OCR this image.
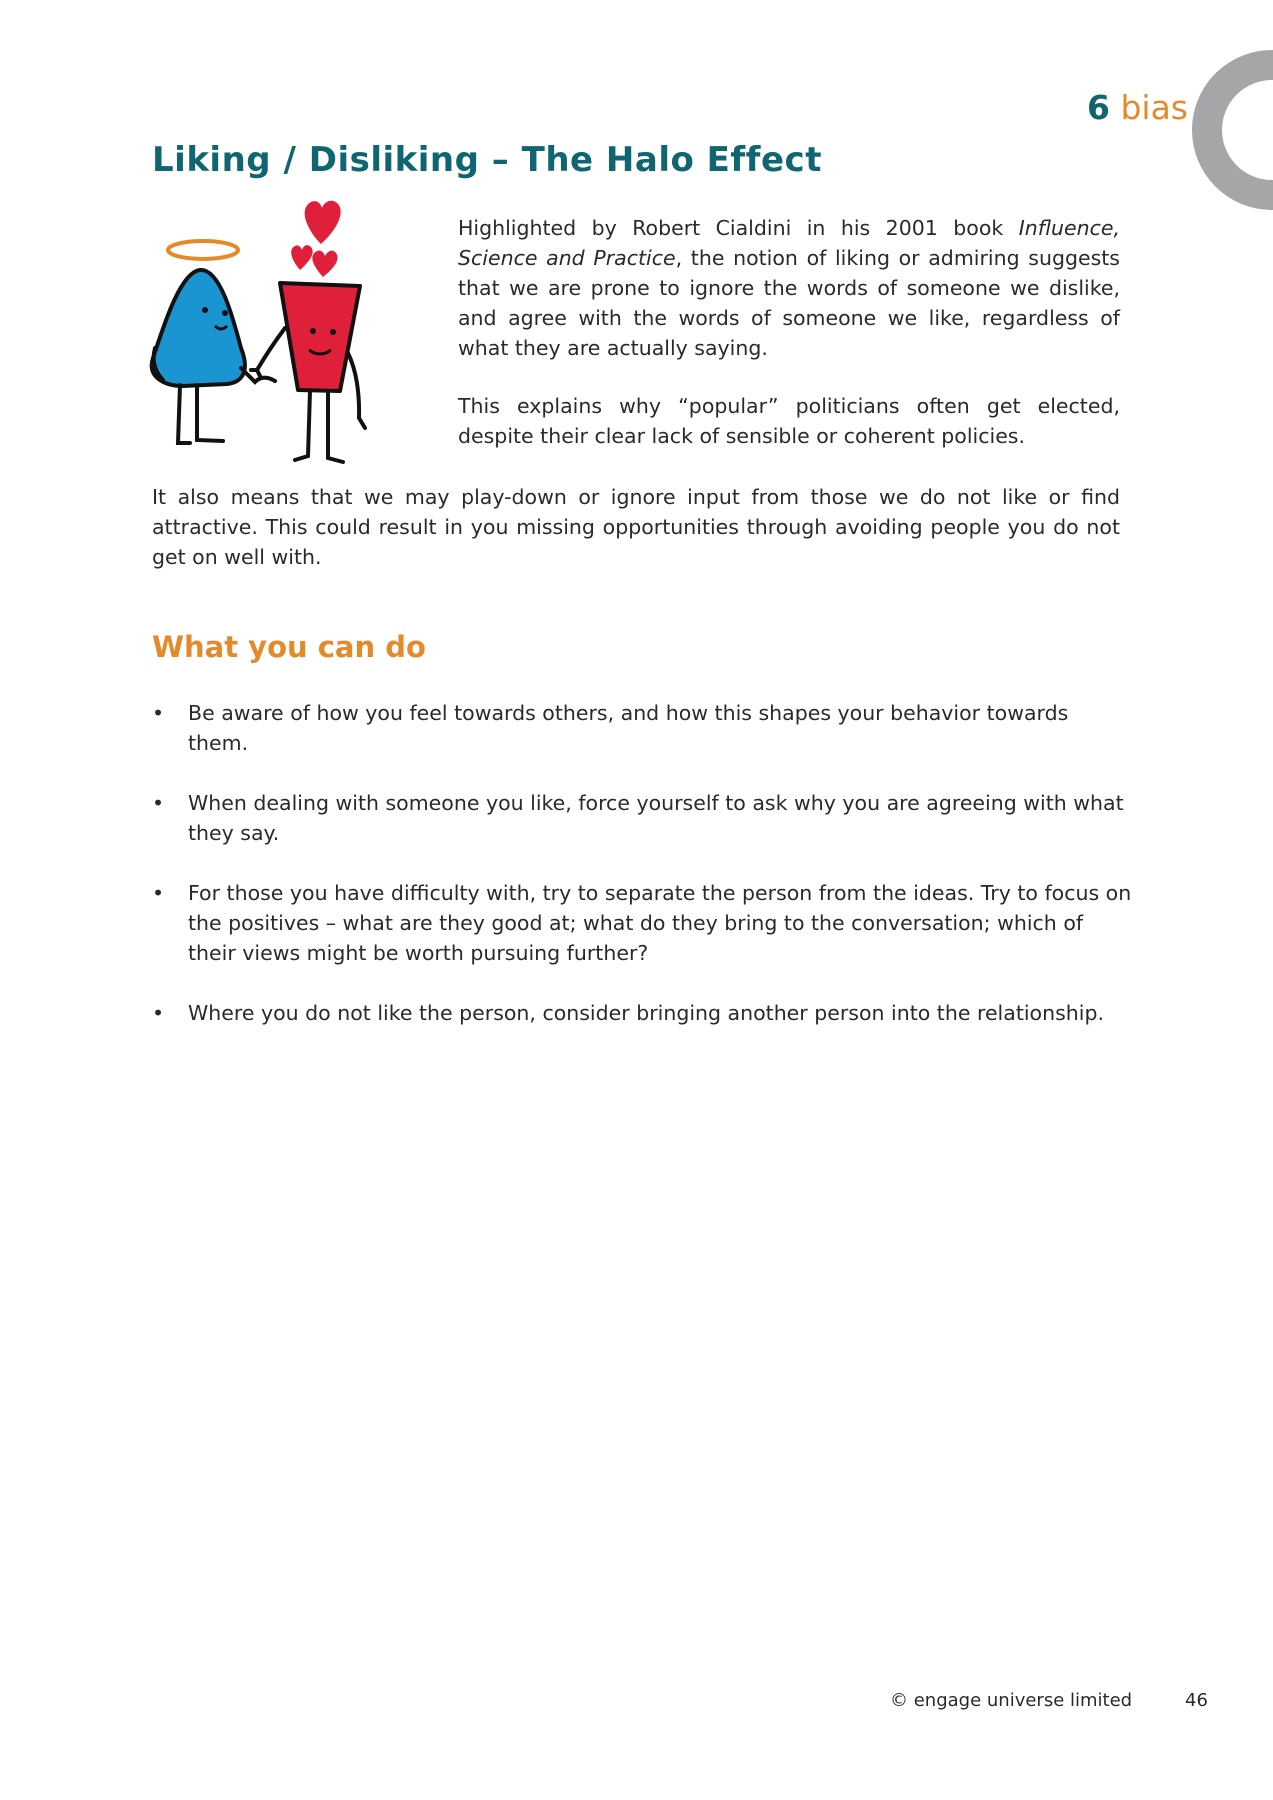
6 bias
Liking / Disliking – The Halo Effect

Highlighted by Robert Cialdini in his 2001 book Influence, Science and Practice, the notion of liking or admiring suggests that we are prone to ignore the words of someone we dislike, and agree with the words of someone we like, regardless of what they are actually saying.

This explains why “popular” politicians often get elected, despite their clear lack of sensible or coherent policies.

It also means that we may play-down or ignore input from those we do not like or find attractive. This could result in you missing opportunities through avoiding people you do not get on well with.

What you can do
• Be aware of how you feel towards others, and how this shapes your behavior towards them.
• When dealing with someone you like, force yourself to ask why you are agreeing with what they say.
• For those you have difficulty with, try to separate the person from the ideas. Try to focus on the positives – what are they good at; what do they bring to the conversation; which of their views might be worth pursuing further?
• Where you do not like the person, consider bringing another person into the relationship.
© engage universe limited	46
